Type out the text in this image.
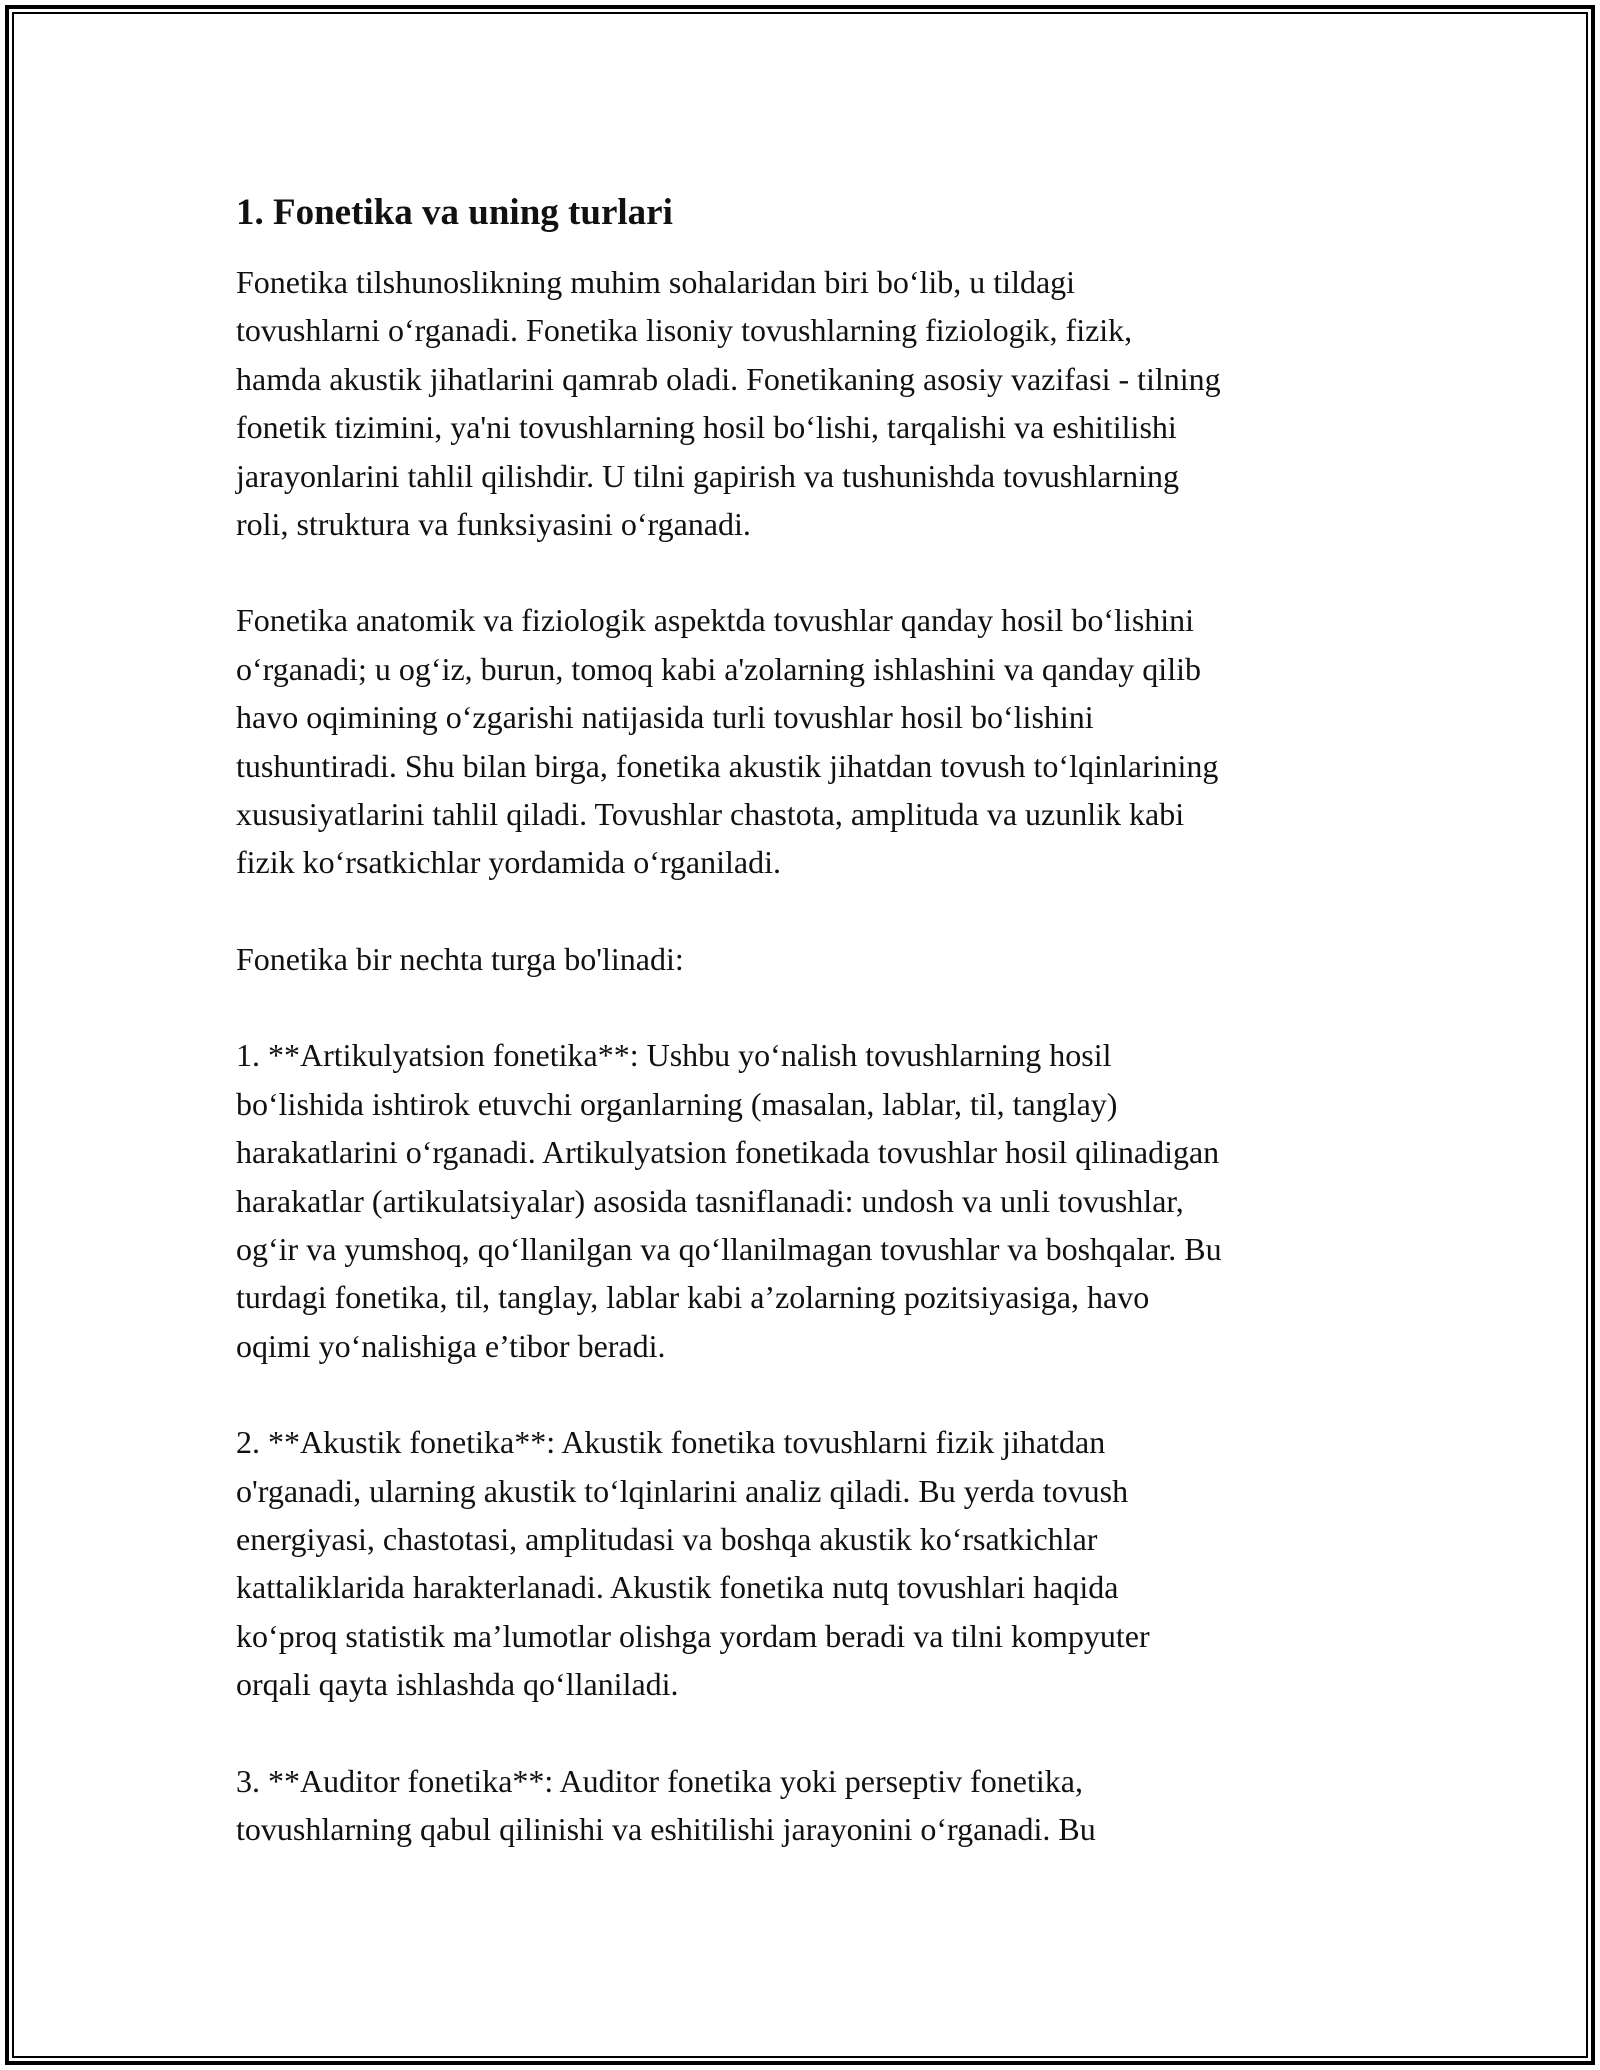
1. Fonetika va uning turlari

Fonetika tilshunoslikning muhim sohalaridan biri bo‘lib, u tildagi
tovushlarni o‘rganadi. Fonetika lisoniy tovushlarning fiziologik, fizik,
hamda akustik jihatlarini qamrab oladi. Fonetikaning asosiy vazifasi - tilning
fonetik tizimini, ya'ni tovushlarning hosil bo‘lishi, tarqalishi va eshitilishi
jarayonlarini tahlil qilishdir. U tilni gapirish va tushunishda tovushlarning
roli, struktura va funksiyasini o‘rganadi.

Fonetika anatomik va fiziologik aspektda tovushlar qanday hosil bo‘lishini
o‘rganadi; u og‘iz, burun, tomoq kabi a'zolarning ishlashini va qanday qilib
havo oqimining o‘zgarishi natijasida turli tovushlar hosil bo‘lishini
tushuntiradi. Shu bilan birga, fonetika akustik jihatdan tovush to‘lqinlarining
xususiyatlarini tahlil qiladi. Tovushlar chastota, amplituda va uzunlik kabi
fizik ko‘rsatkichlar yordamida o‘rganiladi.

Fonetika bir nechta turga bo'linadi:

1. **Artikulyatsion fonetika**: Ushbu yo‘nalish tovushlarning hosil
bo‘lishida ishtirok etuvchi organlarning (masalan, lablar, til, tanglay)
harakatlarini o‘rganadi. Artikulyatsion fonetikada tovushlar hosil qilinadigan
harakatlar (artikulatsiyalar) asosida tasniflanadi: undosh va unli tovushlar,
og‘ir va yumshoq, qo‘llanilgan va qo‘llanilmagan tovushlar va boshqalar. Bu
turdagi fonetika, til, tanglay, lablar kabi a’zolarning pozitsiyasiga, havo
oqimi yo‘nalishiga e’tibor beradi.

2. **Akustik fonetika**: Akustik fonetika tovushlarni fizik jihatdan
o'rganadi, ularning akustik to‘lqinlarini analiz qiladi. Bu yerda tovush
energiyasi, chastotasi, amplitudasi va boshqa akustik ko‘rsatkichlar
kattaliklarida harakterlanadi. Akustik fonetika nutq tovushlari haqida
ko‘proq statistik ma’lumotlar olishga yordam beradi va tilni kompyuter
orqali qayta ishlashda qo‘llaniladi.

3. **Auditor fonetika**: Auditor fonetika yoki perseptiv fonetika,
tovushlarning qabul qilinishi va eshitilishi jarayonini o‘rganadi. Bu
